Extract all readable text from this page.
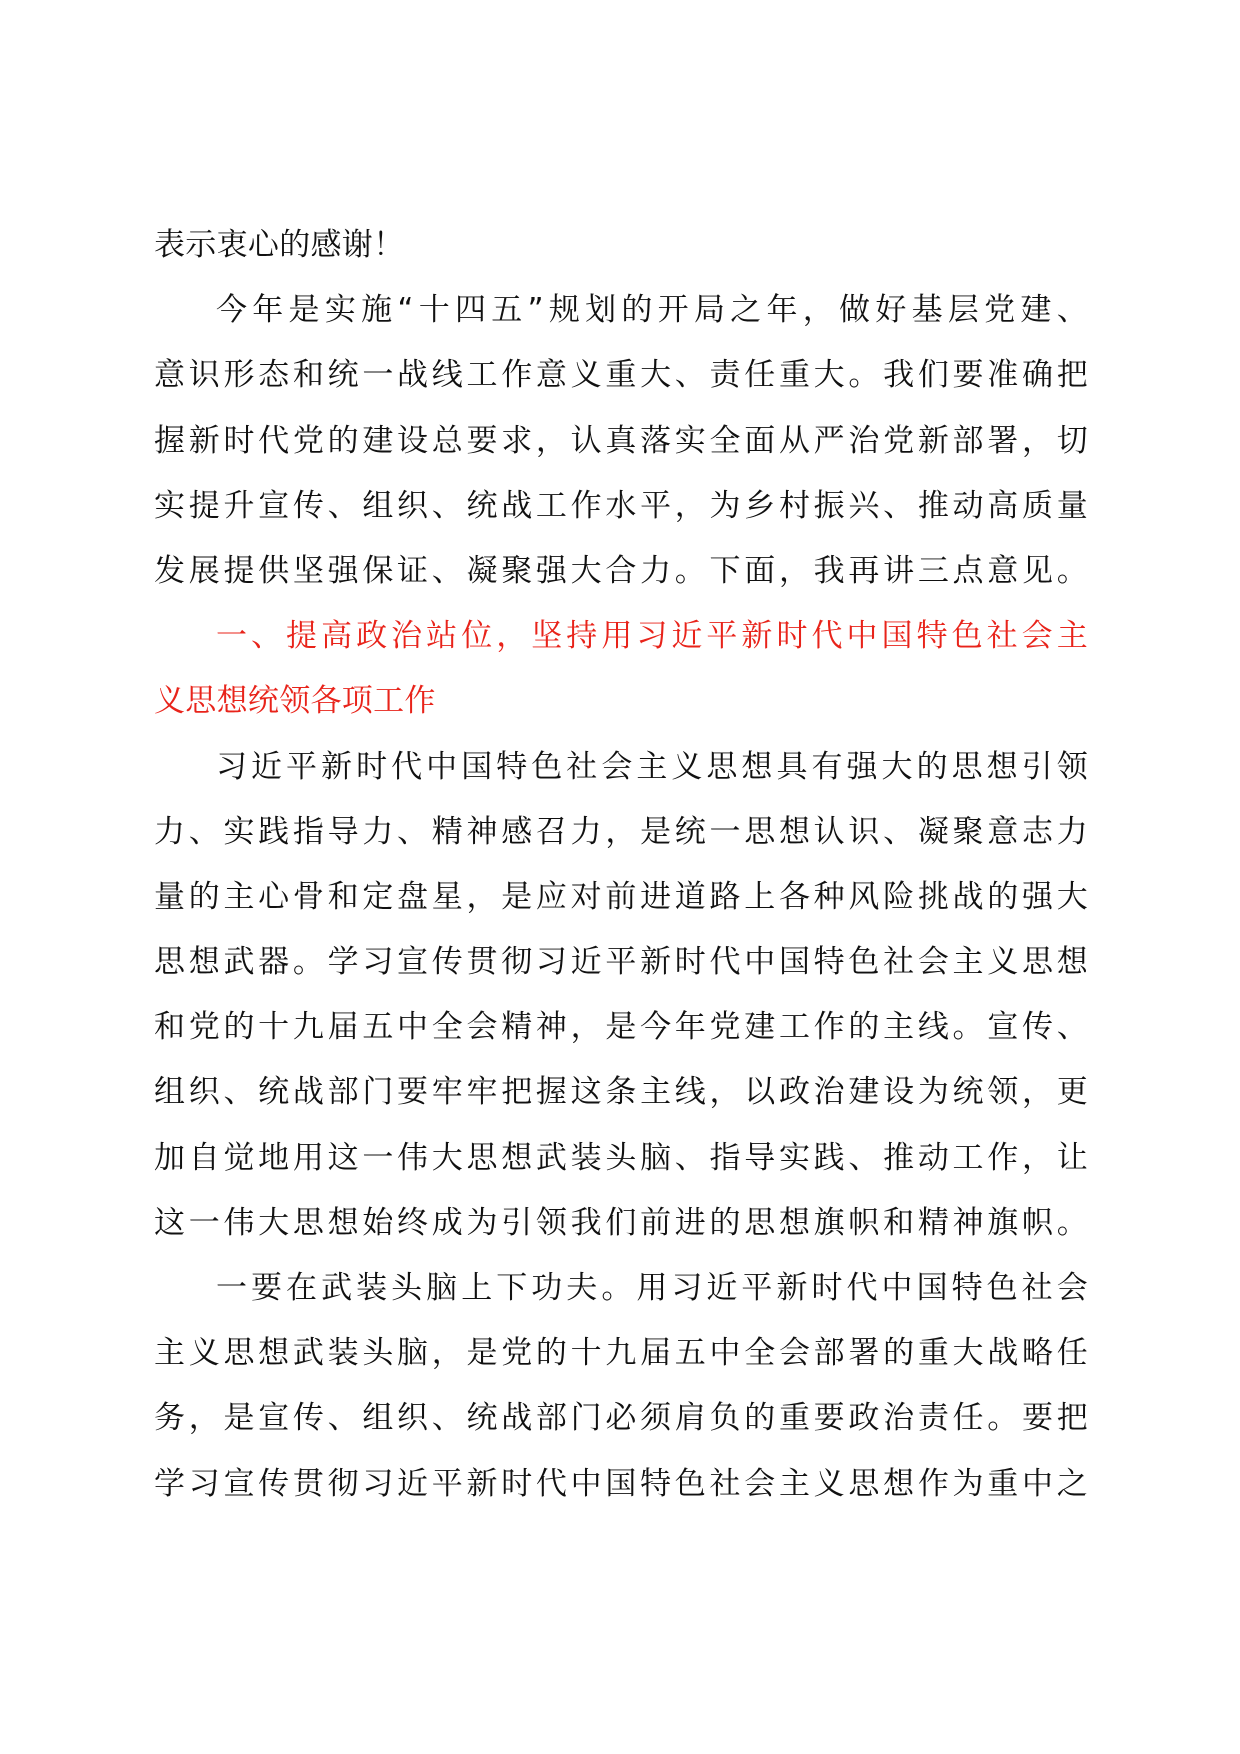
表示衷心的感谢！
今年是实施“十四五”规划的开局之年，做好基层党建、
意识形态和统一战线工作意义重大、责任重大。我们要准确把
握新时代党的建设总要求，认真落实全面从严治党新部署，切
实提升宣传、组织、统战工作水平，为乡村振兴、推动高质量
发展提供坚强保证、凝聚强大合力。下面，我再讲三点意见。
一、提高政治站位，坚持用习近平新时代中国特色社会主
义思想统领各项工作
习近平新时代中国特色社会主义思想具有强大的思想引领
力、实践指导力、精神感召力，是统一思想认识、凝聚意志力
量的主心骨和定盘星，是应对前进道路上各种风险挑战的强大
思想武器。学习宣传贯彻习近平新时代中国特色社会主义思想
和党的十九届五中全会精神，是今年党建工作的主线。宣传、
组织、统战部门要牢牢把握这条主线，以政治建设为统领，更
加自觉地用这一伟大思想武装头脑、指导实践、推动工作，让
这一伟大思想始终成为引领我们前进的思想旗帜和精神旗帜。
一要在武装头脑上下功夫。用习近平新时代中国特色社会
主义思想武装头脑，是党的十九届五中全会部署的重大战略任
务，是宣传、组织、统战部门必须肩负的重要政治责任。要把
学习宣传贯彻习近平新时代中国特色社会主义思想作为重中之
